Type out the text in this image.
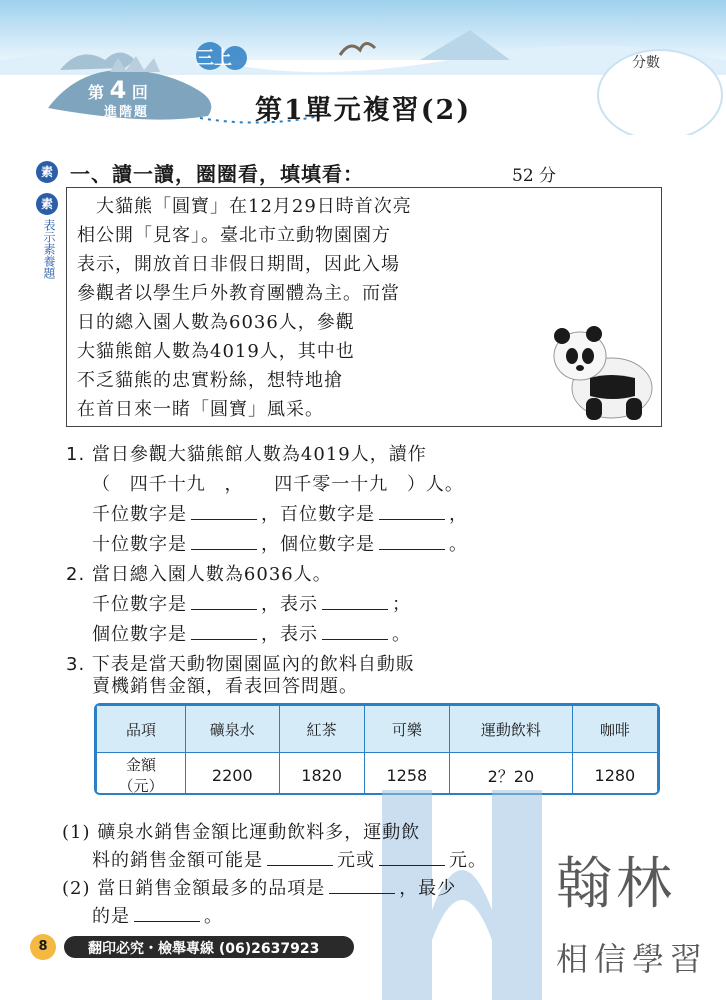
三上
第 4 回
進階題
分數
第1單元複習(2)
素
素
表示素養題
一、讀一讀，圈圈看，填填看：	52 分
　大貓熊「圓寶」在12月29日時首次亮
相公開「見客」。臺北市立動物園園方
表示，開放首日非假日期間，因此入場
參觀者以學生戶外教育團體為主。而當
日的總入園人數為6036人，參觀
大貓熊館人數為4019人，其中也
不乏貓熊的忠實粉絲，想特地搶
在首日來一睹「圓寶」風采。
1. 當日參觀大貓熊館人數為4019人，讀作
（ 四千十九 ， 四千零一十九 ）人。
千位數字是	，百位數字是	，
十位數字是	，個位數字是	。
2. 當日總入園人數為6036人。
千位數字是	，表示	；
個位數字是	，表示	。
3. 下表是當天動物園園區內的飲料自動販
賣機銷售金額，看表回答問題。
品項	礦泉水	紅茶	可樂	運動飲料	咖啡

金額
（元）	2200	1820	1258	2？20	1280
翰林
相信學習
(1) 礦泉水銷售金額比運動飲料多，運動飲
料的銷售金額可能是	元或	元。
(2) 當日銷售金額最多的品項是	，最少
的是	。
8	翻印必究・檢舉專線 (06)2637923
